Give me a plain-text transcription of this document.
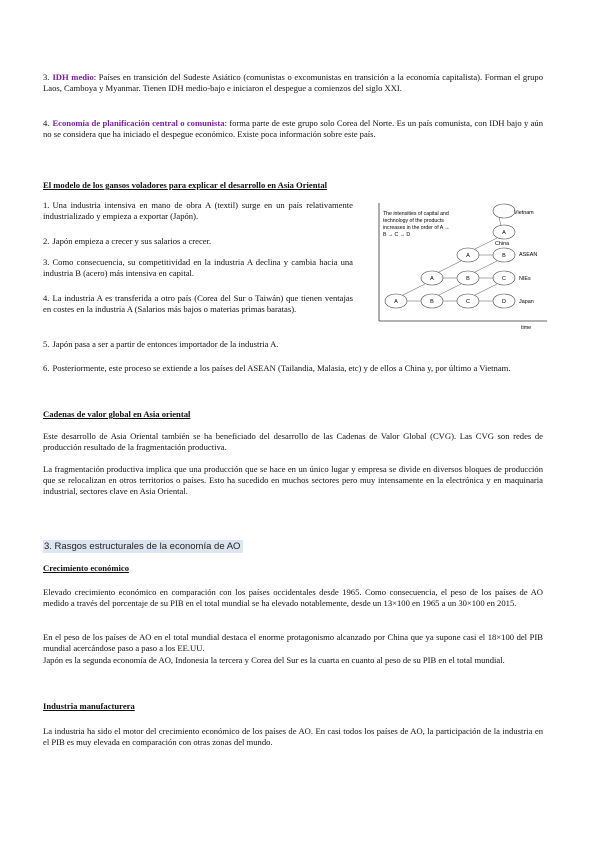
3. IDH medio: Países en transición del Sudeste Asiático (comunistas o excomunistas en transición a la economía capitalista). Forman el grupo Laos, Camboya y Myanmar. Tienen IDH medio-bajo e iniciaron el despegue a comienzos del siglo XXI.
4. Economía de planificación central o comunista: forma parte de este grupo solo Corea del Norte. Es un país comunista, con IDH bajo y aún no se considera que ha iniciado el despegue económico. Existe poca información sobre este país.
El modelo de los gansos voladores para explicar el desarrollo en Asia Oriental
1. Una industria intensiva en mano de obra A (textil) surge en un país relativamente industrializado y empieza a exportar (Japón).
2. Japón empieza a crecer y sus salarios a crecer.
3. Como consecuencia, su competitividad en la industria A declina y cambia hacia una industria B (acero) más intensiva en capital.
4. La industria A es transferida a otro país (Corea del Sur o Taiwán) que tienen ventajas en costes en la industria A (Salarios más bajos o materias primas baratas).
5. Japón pasa a ser a partir de entonces importador de la industria A.
6. Posteriormente, este proceso se extiende a los países del ASEAN (Tailandia, Malasia, etc) y de ellos a China y, por último a Vietnam.
The intensities of capital and
technology of the products
increases in the order of A →
B → C → D
A	B	C	D
A	B	C
A	B
A
Vietnam
China
ASEAN
NIEs
Japan
time
Cadenas de valor global en Asia oriental
Este desarrollo de Asia Oriental también se ha beneficiado del desarrollo de las Cadenas de Valor Global (CVG). Las CVG son redes de producción resultado de la fragmentación productiva.
La fragmentación productiva implica que una producción que se hace en un único lugar y empresa se divide en diversos bloques de producción que se relocalizan en otros territorios o países. Esto ha sucedido en muchos sectores pero muy intensamente en la electrónica y en maquinaria industrial, sectores clave en Asia Oriental.
3. Rasgos estructurales de la economía de AO
Crecimiento económico
Elevado crecimiento económico en comparación con los países occidentales desde 1965. Como consecuencia, el peso de los países de AO medido a través del porcentaje de su PIB en el total mundial se ha elevado notablemente, desde un 13×100 en 1965 a un 30×100 en 2015.
En el peso de los países de AO en el total mundial destaca el enorme protagonismo alcanzado por China que ya supone casi el 18×100 del PIB mundial acercándose paso a paso a los EE.UU.
Japón es la segunda economía de AO, Indonesia la tercera y Corea del Sur es la cuarta en cuanto al peso de su PIB en el total mundial.
Industria manufacturera
La industria ha sido el motor del crecimiento económico de los países de AO. En casi todos los países de AO, la participación de la industria en el PIB es muy elevada en comparación con otras zonas del mundo.
